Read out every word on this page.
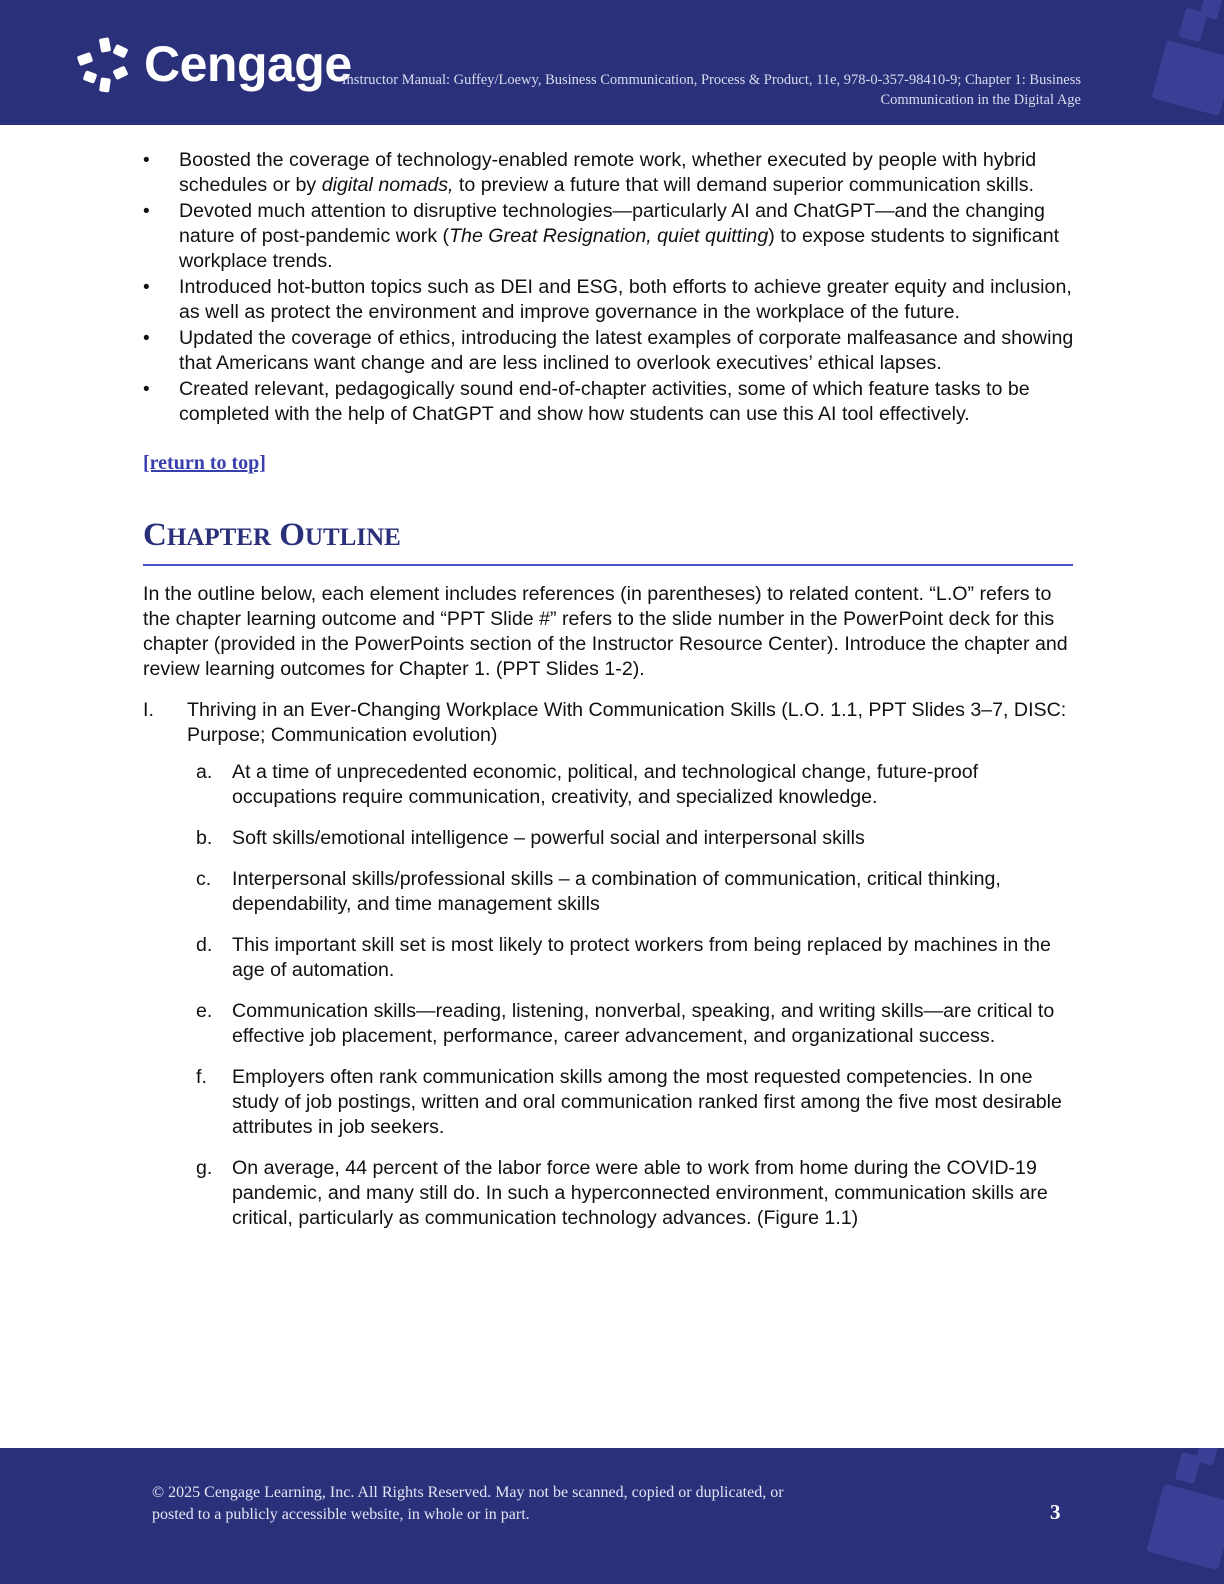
Cengage
Instructor Manual: Guffey/Loewy, Business Communication, Process & Product, 11e, 978-0-357-98410-9; Chapter 1: Business
Communication in the Digital Age
• Boosted the coverage of technology-enabled remote work, whether executed by people with hybrid schedules or by digital nomads, to preview a future that will demand superior communication skills.
• Devoted much attention to disruptive technologies—particularly AI and ChatGPT—and the changing nature of post-pandemic work (The Great Resignation, quiet quitting) to expose students to significant workplace trends.
• Introduced hot-button topics such as DEI and ESG, both efforts to achieve greater equity and inclusion, as well as protect the environment and improve governance in the workplace of the future.
• Updated the coverage of ethics, introducing the latest examples of corporate malfeasance and showing that Americans want change and are less inclined to overlook executives’ ethical lapses.
• Created relevant, pedagogically sound end-of-chapter activities, some of which feature tasks to be completed with the help of ChatGPT and show how students can use this AI tool effectively.
[return to top]
CHAPTER OUTLINE
In the outline below, each element includes references (in parentheses) to related content. “L.O” refers to the chapter learning outcome and “PPT Slide #” refers to the slide number in the PowerPoint deck for this chapter (provided in the PowerPoints section of the Instructor Resource Center). Introduce the chapter and review learning outcomes for Chapter 1. (PPT Slides 1-2).
I.	Thriving in an Ever-Changing Workplace With Communication Skills (L.O. 1.1, PPT Slides 3–7, DISC: Purpose; Communication evolution)
a.	At a time of unprecedented economic, political, and technological change, future-proof occupations require communication, creativity, and specialized knowledge.
b.	Soft skills/emotional intelligence – powerful social and interpersonal skills
c.	Interpersonal skills/professional skills – a combination of communication, critical thinking, dependability, and time management skills
d.	This important skill set is most likely to protect workers from being replaced by machines in the age of automation.
e.	Communication skills—reading, listening, nonverbal, speaking, and writing skills—are critical to effective job placement, performance, career advancement, and organizational success.
f.	Employers often rank communication skills among the most requested competencies. In one study of job postings, written and oral communication ranked first among the five most desirable attributes in job seekers.
g.	On average, 44 percent of the labor force were able to work from home during the COVID-19 pandemic, and many still do. In such a hyperconnected environment, communication skills are critical, particularly as communication technology advances. (Figure 1.1)
© 2025 Cengage Learning, Inc. All Rights Reserved. May not be scanned, copied or duplicated, or
posted to a publicly accessible website, in whole or in part.	3
